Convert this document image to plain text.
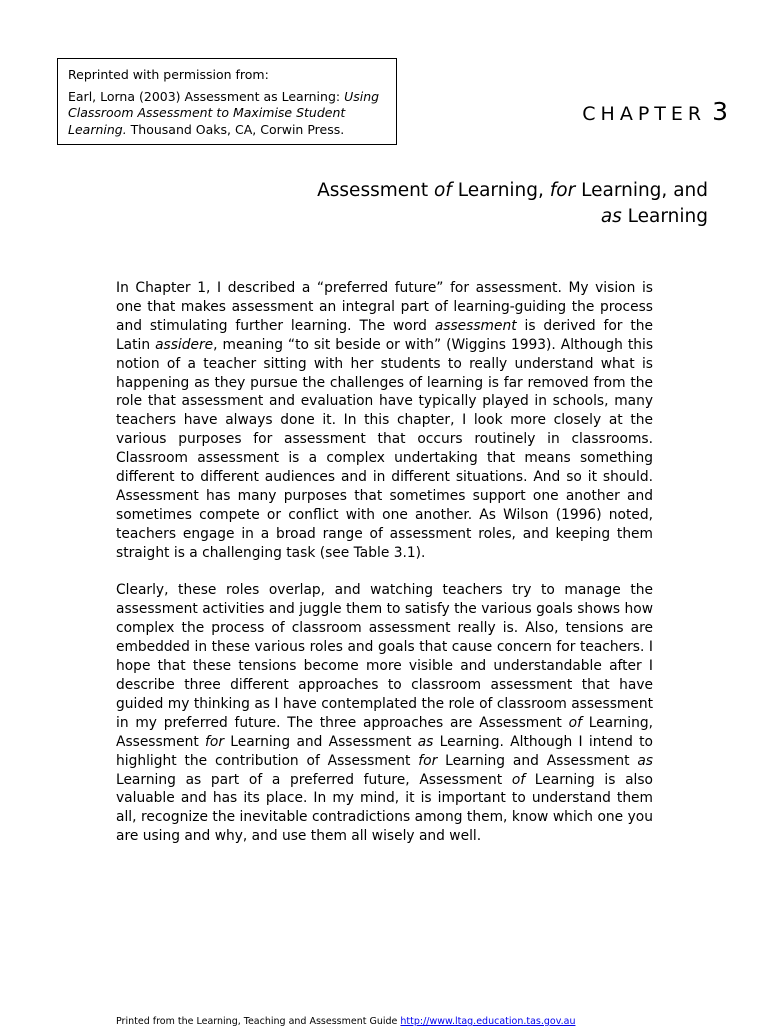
Reprinted with permission from:

Earl, Lorna (2003) Assessment as Learning: Using Classroom Assessment to Maximise Student Learning. Thousand Oaks, CA, Corwin Press.

CHAPTER 3
Assessment of Learning, for Learning, and
as Learning

In Chapter 1, I described a “preferred future” for assessment. My vision is one that makes assessment an integral part of learning-guiding the process and stimulating further learning. The word assessment is derived for the Latin assidere, meaning “to sit beside or with” (Wiggins 1993). Although this notion of a teacher sitting with her students to really understand what is happening as they pursue the challenges of learning is far removed from the role that assessment and evaluation have typically played in schools, many teachers have always done it. In this chapter, I look more closely at the various purposes for assessment that occurs routinely in classrooms. Classroom assessment is a complex undertaking that means something different to different audiences and in different situations. And so it should. Assessment has many purposes that sometimes support one another and sometimes compete or conflict with one another. As Wilson (1996) noted, teachers engage in a broad range of assessment roles, and keeping them straight is a challenging task (see Table 3.1).

Clearly, these roles overlap, and watching teachers try to manage the assessment activities and juggle them to satisfy the various goals shows how complex the process of classroom assessment really is. Also, tensions are embedded in these various roles and goals that cause concern for teachers. I hope that these tensions become more visible and understandable after I describe three different approaches to classroom assessment that have guided my thinking as I have contemplated the role of classroom assessment in my preferred future. The three approaches are Assessment of Learning, Assessment for Learning and Assessment as Learning. Although I intend to highlight the contribution of Assessment for Learning and Assessment as Learning as part of a preferred future, Assessment of Learning is also valuable and has its place. In my mind, it is important to understand them all, recognize the inevitable contradictions among them, know which one you are using and why, and use them all wisely and well.

Printed from the Learning, Teaching and Assessment Guide http://www.ltag.education.tas.gov.au
